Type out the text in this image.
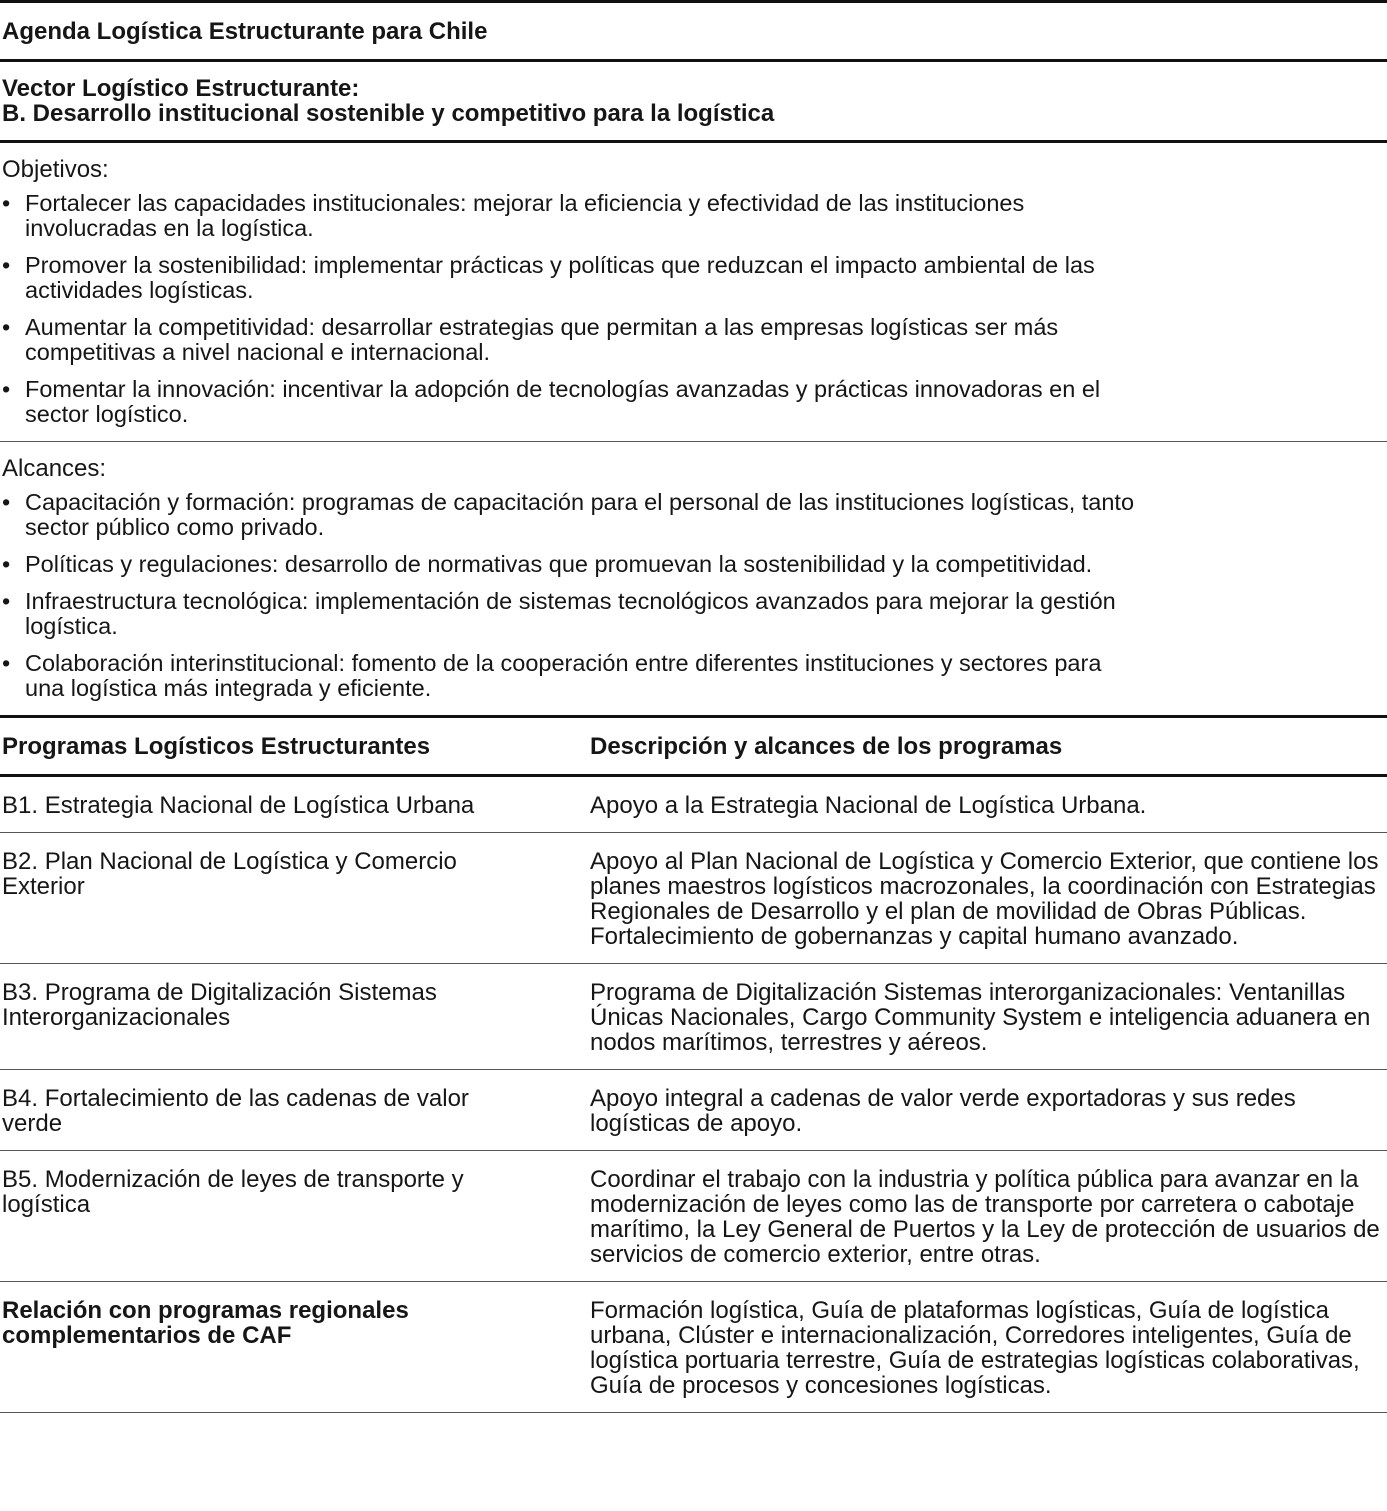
Agenda Logística Estructurante para Chile
Vector Logístico Estructurante:
B. Desarrollo institucional sostenible y competitivo para la logística
Objetivos:
• Fortalecer las capacidades institucionales: mejorar la eficiencia y efectividad de las instituciones involucradas en la logística.
• Promover la sostenibilidad: implementar prácticas y políticas que reduzcan el impacto ambiental de las actividades logísticas.
• Aumentar la competitividad: desarrollar estrategias que permitan a las empresas logísticas ser más competitivas a nivel nacional e internacional.
• Fomentar la innovación: incentivar la adopción de tecnologías avanzadas y prácticas innovadoras en el sector logístico.
Alcances:
• Capacitación y formación: programas de capacitación para el personal de las instituciones logísticas, tanto sector público como privado.
• Políticas y regulaciones: desarrollo de normativas que promuevan la sostenibilidad y la competitividad.
• Infraestructura tecnológica: implementación de sistemas tecnológicos avanzados para mejorar la gestión logística.
• Colaboración interinstitucional: fomento de la cooperación entre diferentes instituciones y sectores para una logística más integrada y eficiente.
Programas Logísticos Estructurantes	Descripción y alcances de los programas
B1. Estrategia Nacional de Logística Urbana	Apoyo a la Estrategia Nacional de Logística Urbana.
B2. Plan Nacional de Logística y Comercio Exterior
Apoyo al Plan Nacional de Logística y Comercio Exterior, que contiene los planes maestros logísticos macrozonales, la coordinación con Estrategias Regionales de Desarrollo y el plan de movilidad de Obras Públicas. Fortalecimiento de gobernanzas y capital humano avanzado.
B3. Programa de Digitalización Sistemas Interorganizacionales
Programa de Digitalización Sistemas interorganizacionales: Ventanillas Únicas Nacionales, Cargo Community System e inteligencia aduanera en nodos marítimos, terrestres y aéreos.
B4. Fortalecimiento de las cadenas de valor verde
Apoyo integral a cadenas de valor verde exportadoras y sus redes logísticas de apoyo.
B5. Modernización de leyes de transporte y logística
Coordinar el trabajo con la industria y política pública para avanzar en la modernización de leyes como las de transporte por carretera o cabotaje marítimo, la Ley General de Puertos y la Ley de protección de usuarios de servicios de comercio exterior, entre otras.
Relación con programas regionales complementarios de CAF
Formación logística, Guía de plataformas logísticas, Guía de logística urbana, Clúster e internacionalización, Corredores inteligentes, Guía de logística portuaria terrestre, Guía de estrategias logísticas colaborativas, Guía de procesos y concesiones logísticas.
